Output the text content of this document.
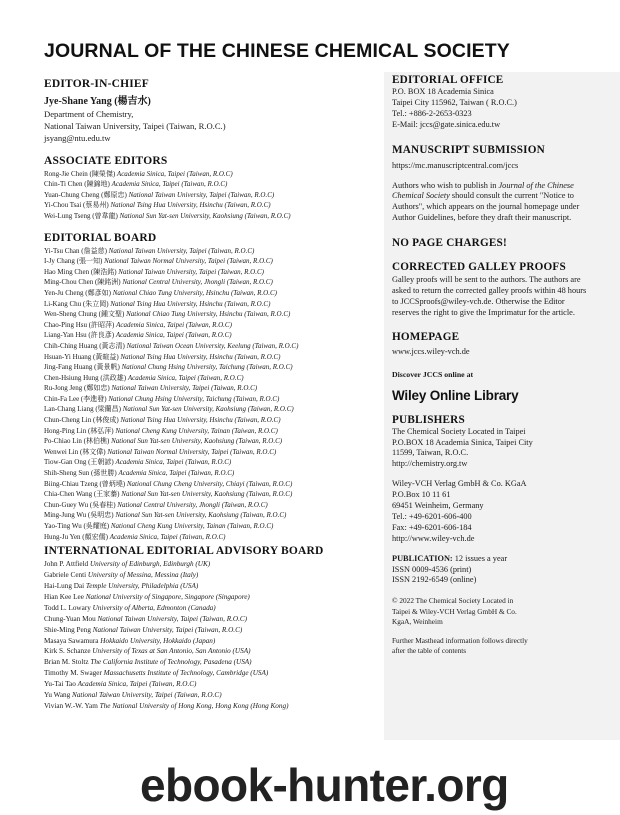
JOURNAL OF THE CHINESE CHEMICAL SOCIETY
EDITOR-IN-CHIEF
Jye-Shane Yang (楊吉水)
Department of Chemistry,
National Taiwan University, Taipei (Taiwan, R.O.C.)
jsyang@ntu.edu.tw
ASSOCIATE EDITORS
Rong-Jie Chein (陳榮傑) Academia Sinica, Taipei (Taiwan, R.O.C)
Chin-Ti Chen (陳錦地) Academia Sinica, Taipei (Taiwan, R.O.C)
Yuan-Chung Cheng (鄭原忠) National Taiwan University, Taipei (Taiwan, R.O.C)
Yi-Chou Tsai (蔡易州) National Tsing Hua University, Hsinchu (Taiwan, R.O.C)
Wei-Lung Tseng (曾韋龍) National Sun Yat-sen University, Kaohsiung (Taiwan, R.O.C)
EDITORIAL BOARD
Yi-Tsu Chan (詹益慈) National Taiwan University, Taipei (Taiwan, R.O.C)
I-Jy Chang (張一知) National Taiwan Normal University, Taipei (Taiwan, R.O.C)
Hao Ming Chen (陳浩銘) National Taiwan University, Taipei (Taiwan, R.O.C)
Ming-Chou Chen (陳銘洲) National Central University, Jhongli (Taiwan, R.O.C)
Yen-Ju Cheng (鄭彥如) National Chiao Tung University, Hsinchu (Taiwan, R.O.C)
Li-Kang Chu (朱立岡) National Tsing Hua University, Hsinchu (Taiwan, R.O.C)
Wen-Sheng Chung (鍾文聖) National Chiao Tung University, Hsinchu (Taiwan, R.O.C)
Chao-Ping Hsu (許昭萍) Academia Sinica, Taipei (Taiwan, R.O.C)
Liang-Yan Hsu (許良彥) Academia Sinica, Taipei (Taiwan, R.O.C)
Chih-Ching Huang (黃志清) National Taiwan Ocean University, Keelung (Taiwan, R.O.C)
Hsuan-Yi Huang (黃暄益) National Tsing Hua University, Hsinchu (Taiwan, R.O.C)
Jing-Fang Huang (黃景帆) National Chung Hsing University, Taichung (Taiwan, R.O.C)
Chen-Hsiung Hung (洪政雄) Academia Sinica, Taipei (Taiwan, R.O.C)
Ru-Jong Jeng (鄭如忠) National Taiwan University, Taipei (Taiwan, R.O.C)
Chin-Fa Lee (李進發) National Chung Hsing University, Taichung (Taiwan, R.O.C)
Lan-Chang Liang (梁蘭昌) National Sun Yat-sen University, Kaohsiung (Taiwan, R.O.C)
Chun-Cheng Lin (林俊成) National Tsing Hua University, Hsinchu (Taiwan, R.O.C)
Hong-Ping Lin (林弘萍) National Cheng Kung University, Tainan (Taiwan, R.O.C)
Po-Chiao Lin (林伯樵) National Sun Yat-sen University, Kaohsiung (Taiwan, R.O.C)
Wenwei Lin (林文偉) National Taiwan Normal University, Taipei (Taiwan, R.O.C)
Tiow-Gan Ong (王朝諺) Academia Sinica, Taipei (Taiwan, R.O.C)
Shih-Sheng Sun (孫世勝) Academia Sinica, Taipei (Taiwan, R.O.C)
Biing-Chiau Tzeng (曾炳墝) National Chung Cheng University, Chiayi (Taiwan, R.O.C)
Chia-Chen Wang (王家蓁) National Sun Yat-sen University, Kaohsiung (Taiwan, R.O.C)
Chun-Guey Wu (吳春桂) National Central University, Jhongli (Taiwan, R.O.C)
Ming-Jung Wu (吳明忠) National Sun Yat-sen University, Kaohsiung (Taiwan, R.O.C)
Yao-Ting Wu (吳耀庭) National Cheng Kung University, Tainan (Taiwan, R.O.C)
Hung-Ju Yen (顏宏儒) Academia Sinica, Taipei (Taiwan, R.O.C)
INTERNATIONAL EDITORIAL ADVISORY BOARD
John P. Attfield University of Edinburgh, Edinburgh (UK)
Gabriele Centi University of Messina, Messina (Italy)
Hai-Lung Dai Temple University, Philadelphia (USA)
Hian Kee Lee National University of Singapore, Singapore (Singapore)
Todd L. Lowary University of Alberta, Edmonton (Canada)
Chung-Yuan Mou National Taiwan University, Taipei (Taiwan, R.O.C)
Shie-Ming Peng National Taiwan University, Taipei (Taiwan, R.O.C)
Masaya Sawamura Hokkaido University, Hokkaido (Japan)
Kirk S. Schanze University of Texas at San Antonio, San Antonio (USA)
Brian M. Stoltz The California Institute of Technology, Pasadena (USA)
Timothy M. Swager Massachusetts Institute of Technology, Cambridge (USA)
Yu-Tai Tao Academia Sinica, Taipei (Taiwan, R.O.C)
Yu Wang National Taiwan University, Taipei (Taiwan, R.O.C)
Vivian W.-W. Yam The National University of Hong Kong, Hong Kong (Hong Kong)
EDITORIAL OFFICE
P.O. BOX 18 Academia Sinica
Taipei City 115962, Taiwan ( R.O.C.)
Tel.: +886-2-2653-0323
E-Mail: jccs@gate.sinica.edu.tw
MANUSCRIPT SUBMISSION
https://mc.manuscriptcentral.com/jccs
Authors who wish to publish in Journal of the Chinese Chemical Society should consult the current "Notice to Authors", which appears on the journal homepage under Author Guidelines, before they draft their manuscript.
NO PAGE CHARGES!
CORRECTED GALLEY PROOFS
Galley proofs will be sent to the authors. The authors are asked to return the corrected galley proofs within 48 hours to JCCSproofs@wiley-vch.de. Otherwise the Editor reserves the right to give the Imprimatur for the article.
HOMEPAGE
www.jccs.wiley-vch.de
Discover JCCS online at
Wiley Online Library
PUBLISHERS
The Chemical Society Located in Taipei
P.O.BOX 18 Academia Sinica, Taipei City
11599, Taiwan, R.O.C.
http://chemistry.org.tw
Wiley-VCH Verlag GmbH & Co. KGaA
P.O.Box 10 11 61
69451 Weinheim, Germany
Tel.: +49-6201-606-400
Fax: +49-6201-606-184
http://www.wiley-vch.de
PUBLICATION: 12 issues a year
ISSN 0009-4536 (print)
ISSN 2192-6549 (online)
© 2022 The Chemical Society Located in
Taipei & Wiley-VCH Verlag GmbH & Co.
KgaA, Weinheim
Further Masthead information follows directly
after the table of contents
ebook-hunter.org
